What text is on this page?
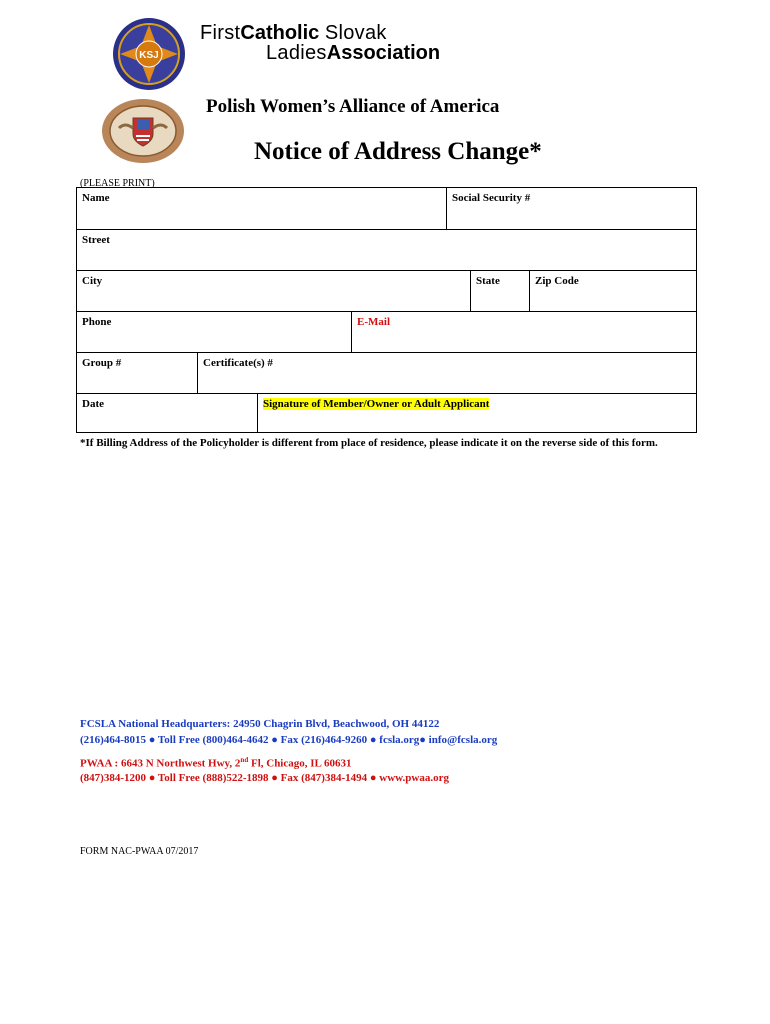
KSJ
FirstCatholic Slovak
LadiesAssociation
Polish Women’s Alliance of America
Notice of Address Change*
(PLEASE PRINT)
Name	Social Security #
Street
City	State	Zip Code
Phone	E-Mail
Group #	Certificate(s) #
Date	Signature of Member/Owner or Adult Applicant
*If Billing Address of the Policyholder is different from place of residence, please indicate it on the reverse side of this form.
FCSLA National Headquarters: 24950 Chagrin Blvd, Beachwood, OH 44122
(216)464-8015 ● Toll Free (800)464-4642 ● Fax (216)464-9260 ● fcsla.org● info@fcsla.org
PWAA : 6643 N Northwest Hwy, 2nd Fl, Chicago, IL 60631
(847)384-1200 ● Toll Free (888)522-1898 ● Fax (847)384-1494 ● www.pwaa.org
FORM NAC-PWAA 07/2017
